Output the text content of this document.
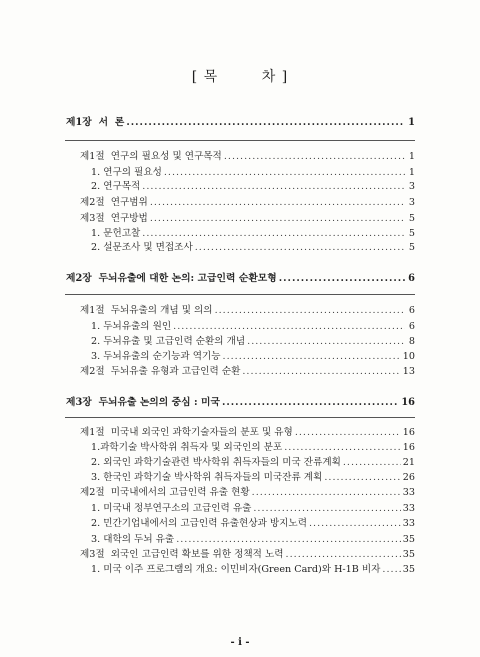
[ 목        차 ]
제1장  서  론 .....	1
제1절  연구의 필요성 및 연구목적 .....	1
1. 연구의 필요성 .....	1
2. 연구목적 .....	3
제2절  연구범위 .....	3
제3절  연구방법 .....	5
1. 문헌고찰 .....	5
2. 설문조사 및 면접조사 .....	5
제2장  두뇌유출에 대한 논의: 고급인력 순환모형 .....	6
제1절  두뇌유출의 개념 및 의의 .....	6
1. 두뇌유출의 원인 .....	6
2. 두뇌유출 및 고급인력 순환의 개념 .....	8
3. 두뇌유출의 순기능과 역기능 .....	10
제2절  두뇌유출 유형과 고급인력 순환 .....	13
제3장  두뇌유출 논의의 중심 : 미국 .....	16
제1절  미국내 외국인 과학기술자들의 분포 및 유형 .....	16
1.과학기술 박사학위 취득자 및 외국인의 분포 .....	16
2. 외국인 과학기술관련 박사학위 취득자들의 미국 잔류계획 .....	21
3. 한국인 과학기술 박사학위 취득자들의 미국잔류 계획 .....	26
제2절  미국내에서의 고급인력 유출 현황 .....	33
1. 미국내 정부연구소의 고급인력 유출 .....	33
2. 민간기업내에서의 고급인력 유출현상과 방지노력 .....	33
3. 대학의 두뇌 유출 .....	35
제3절  외국인 고급인력 확보를 위한 정책적 노력 .....	35
1. 미국 이주 프로그램의 개요: 이민비자(Green Card)와 H-1B 비자 ..... 35
- i -
